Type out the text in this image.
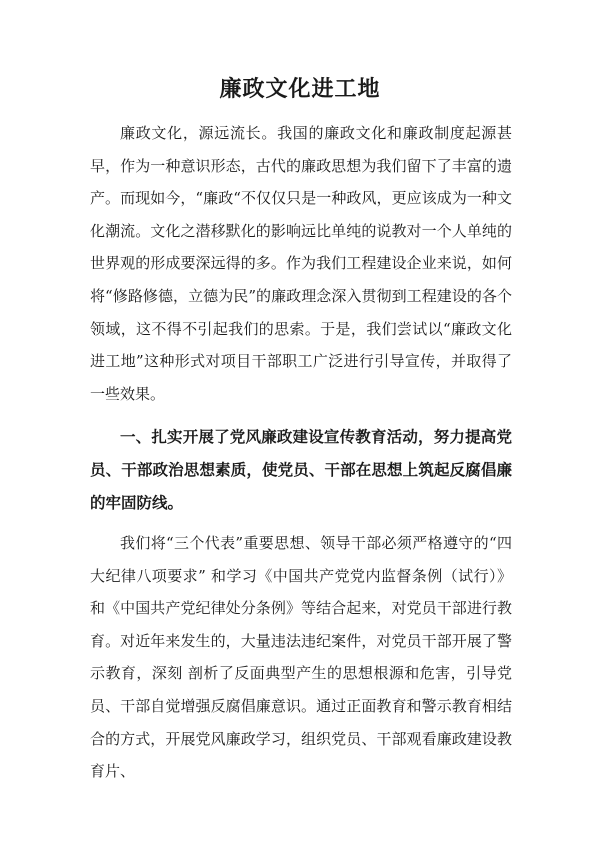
廉政文化进工地

廉政文化，源远流长。我国的廉政文化和廉政制度起源甚早，作为一种意识形态，古代的廉政思想为我们留下了丰富的遗产。而现如今，“廉政“不仅仅只是一种政风，更应该成为一种文化潮流。文化之潜移默化的影响远比单纯的说教对一个人单纯的世界观的形成要深远得的多。作为我们工程建设企业来说，如何将“修路修德，立德为民”的廉政理念深入贯彻到工程建设的各个领域，这不得不引起我们的思索。于是，我们尝试以“廉政文化进工地”这种形式对项目干部职工广泛进行引导宣传，并取得了一些效果。

一、扎实开展了党风廉政建设宣传教育活动，努力提高党员、干部政治思想素质，使党员、干部在思想上筑起反腐倡廉的牢固防线。

我们将“三个代表”重要思想、领导干部必须严格遵守的“四大纪律八项要求” 和学习《中国共产党党内监督条例（试行）》和《中国共产党纪律处分条例》等结合起来，对党员干部进行教育。对近年来发生的，大量违法违纪案件，对党员干部开展了警示教育，深刻 剖析了反面典型产生的思想根源和危害，引导党员、干部自觉增强反腐倡廉意识。通过正面教育和警示教育相结合的方式，开展党风廉政学习，组织党员、干部观看廉政建设教育片、
